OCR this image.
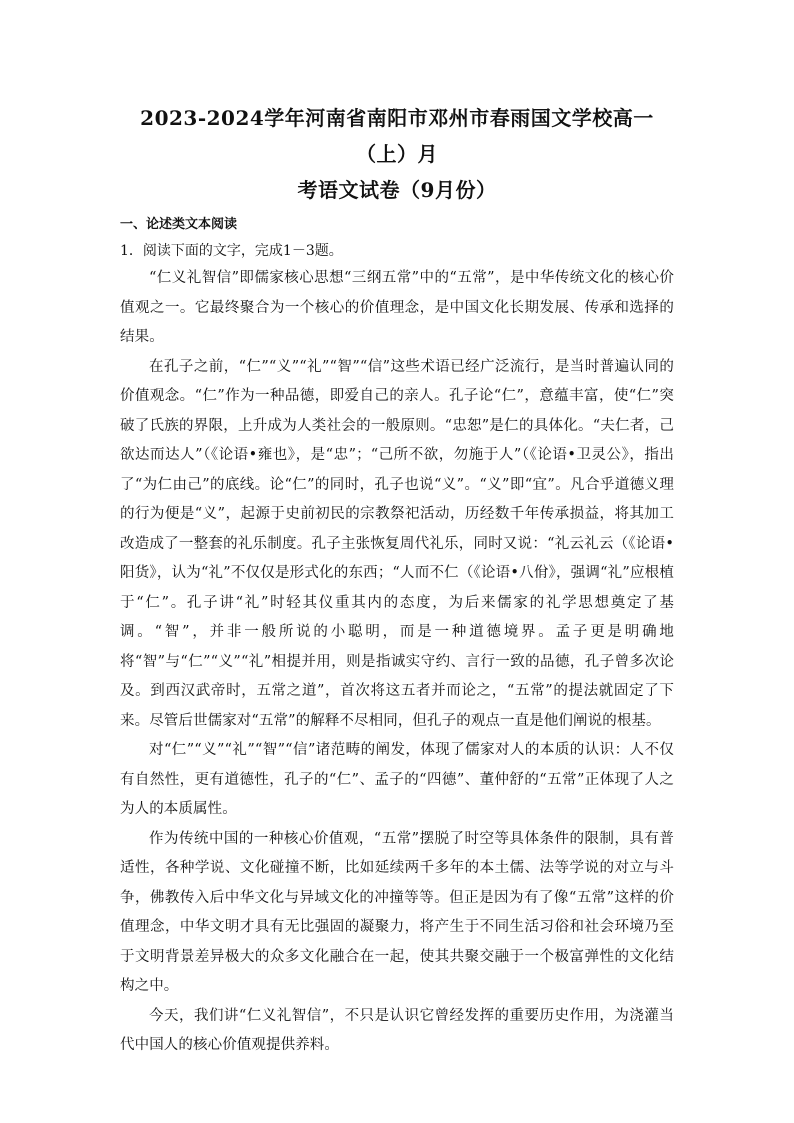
2023-2024学年河南省南阳市邓州市春雨国文学校高一（上）月
考语文试卷（9月份）
一、论述类文本阅读
1．阅读下面的文字，完成1－3题。

“仁义礼智信”即儒家核心思想“三纲五常”中的“五常”，是中华传统文化的核心价值观之一。它最终聚合为一个核心的价值理念，是中国文化长期发展、传承和选择的结果。

在孔子之前，“仁”“义”“礼”“智”“信”这些术语已经广泛流行，是当时普遍认同的价值观念。“仁”作为一种品德，即爱自己的亲人。孔子论“仁”，意蕴丰富，使“仁”突破了氏族的界限，上升成为人类社会的一般原则。“忠恕”是仁的具体化。“夫仁者，己欲达而达人”（《论语•雍也》，是“忠”；“己所不欲，勿施于人”（《论语•卫灵公》，指出了“为仁由己”的底线。论“仁”的同时，孔子也说“义”。“义”即“宜”。凡合乎道德义理的行为便是“义”，起源于史前初民的宗教祭祀活动，历经数千年传承损益，将其加工改造成了一整套的礼乐制度。孔子主张恢复周代礼乐，同时又说：“礼云礼云（《论语•阳货》，认为“礼”不仅仅是形式化的东西；“人而不仁（《论语•八佾》，强调“礼”应根植于“仁”。孔子讲“礼”时轻其仪重其内的态度，为后来儒家的礼学思想奠定了基调。“智”，并非一般所说的小聪明，而是一种道德境界。孟子更是明确地将“智”与“仁”“义”“礼”相提并用，则是指诚实守约、言行一致的品德，孔子曾多次论及。到西汉武帝时，五常之道”，首次将这五者并而论之，“五常”的提法就固定了下来。尽管后世儒家对“五常”的解释不尽相同，但孔子的观点一直是他们阐说的根基。

对“仁”“义”“礼”“智”“信”诸范畴的阐发，体现了儒家对人的本质的认识：人不仅有自然性，更有道德性，孔子的“仁”、孟子的“四德”、董仲舒的“五常”正体现了人之为人的本质属性。

作为传统中国的一种核心价值观，“五常”摆脱了时空等具体条件的限制，具有普适性，各种学说、文化碰撞不断，比如延续两千多年的本土儒、法等学说的对立与斗争，佛教传入后中华文化与异域文化的冲撞等等。但正是因为有了像“五常”这样的价值理念，中华文明才具有无比强固的凝聚力，将产生于不同生活习俗和社会环境乃至于文明背景差异极大的众多文化融合在一起，使其共聚交融于一个极富弹性的文化结构之中。

今天，我们讲“仁义礼智信”，不只是认识它曾经发挥的重要历史作用，为浇灌当代中国人的核心价值观提供养料。
